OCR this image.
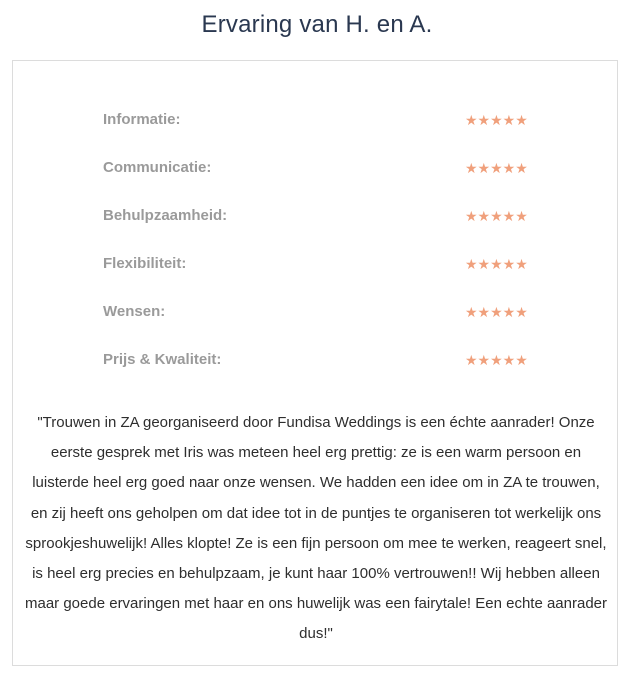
Ervaring van H. en A.
Informatie:	★★★★★
Communicatie:	★★★★★
Behulpzaamheid:	★★★★★
Flexibiliteit:	★★★★★
Wensen:	★★★★★
Prijs & Kwaliteit:	★★★★★

"Trouwen in ZA georganiseerd door Fundisa Weddings is een échte aanrader! Onze eerste gesprek met Iris was meteen heel erg prettig: ze is een warm persoon en luisterde heel erg goed naar onze wensen. We hadden een idee om in ZA te trouwen, en zij heeft ons geholpen om dat idee tot in de puntjes te organiseren tot werkelijk ons sprookjeshuwelijk! Alles klopte! Ze is een fijn persoon om mee te werken, reageert snel, is heel erg precies en behulpzaam, je kunt haar 100% vertrouwen!! Wij hebben alleen maar goede ervaringen met haar en ons huwelijk was een fairytale! Een echte aanrader dus!"
